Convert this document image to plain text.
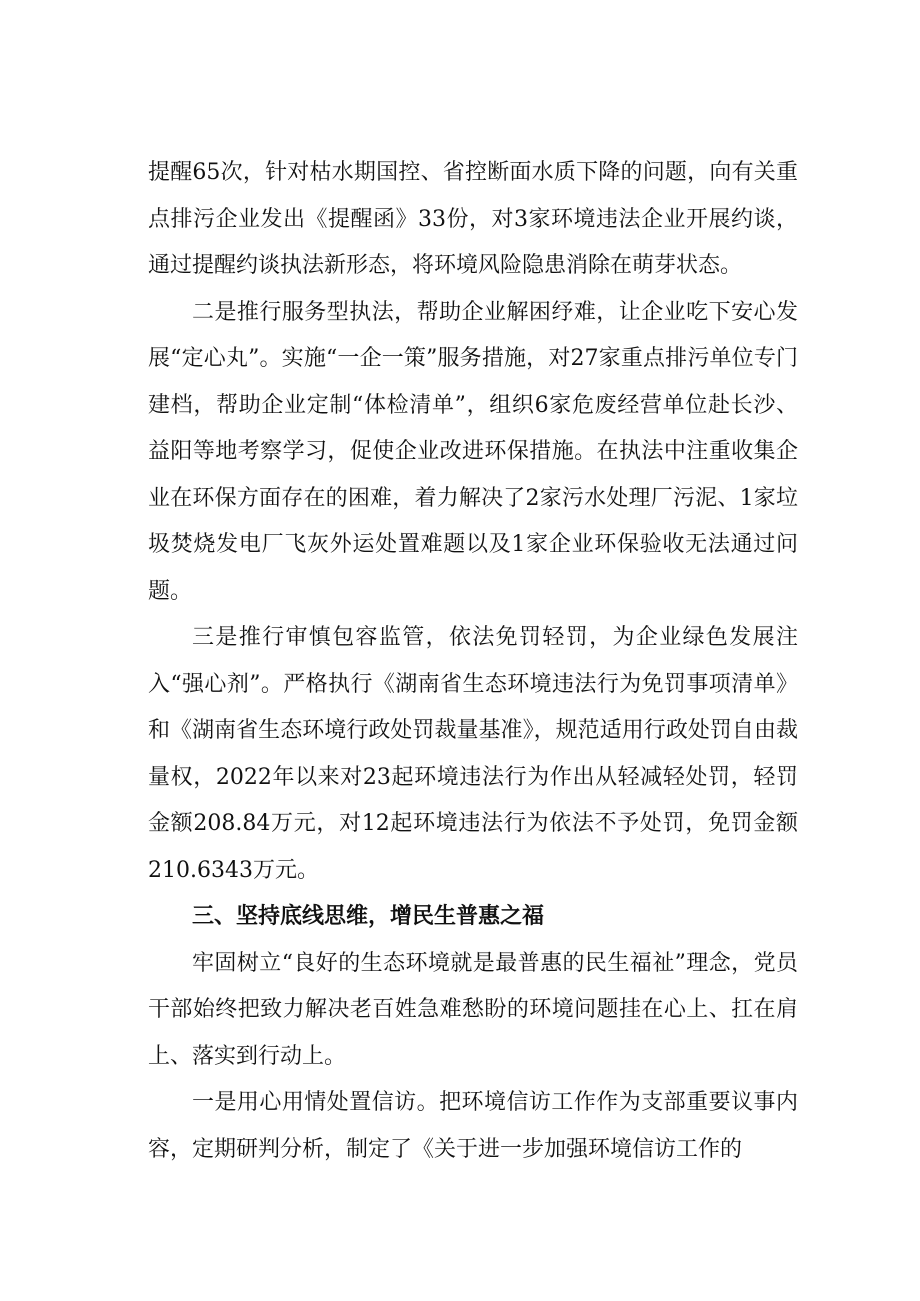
提醒65次，针对枯水期国控、省控断面水质下降的问题，向有关重点排污企业发出《提醒函》33份，对3家环境违法企业开展约谈，通过提醒约谈执法新形态，将环境风险隐患消除在萌芽状态。

二是推行服务型执法，帮助企业解困纾难，让企业吃下安心发展“定心丸”。实施“一企一策”服务措施，对27家重点排污单位专门建档，帮助企业定制“体检清单”，组织6家危废经营单位赴长沙、益阳等地考察学习，促使企业改进环保措施。在执法中注重收集企业在环保方面存在的困难，着力解决了2家污水处理厂污泥、1家垃圾焚烧发电厂飞灰外运处置难题以及1家企业环保验收无法通过问题。

三是推行审慎包容监管，依法免罚轻罚，为企业绿色发展注入“强心剂”。严格执行《湖南省生态环境违法行为免罚事项清单》和《湖南省生态环境行政处罚裁量基准》，规范适用行政处罚自由裁量权，2022年以来对23起环境违法行为作出从轻减轻处罚，轻罚金额208.84万元，对12起环境违法行为依法不予处罚，免罚金额210.6343万元。

三、坚持底线思维，增民生普惠之福

牢固树立“良好的生态环境就是最普惠的民生福祉”理念，党员干部始终把致力解决老百姓急难愁盼的环境问题挂在心上、扛在肩上、落实到行动上。

一是用心用情处置信访。把环境信访工作作为支部重要议事内容，定期研判分析，制定了《关于进一步加强环境信访工作的
